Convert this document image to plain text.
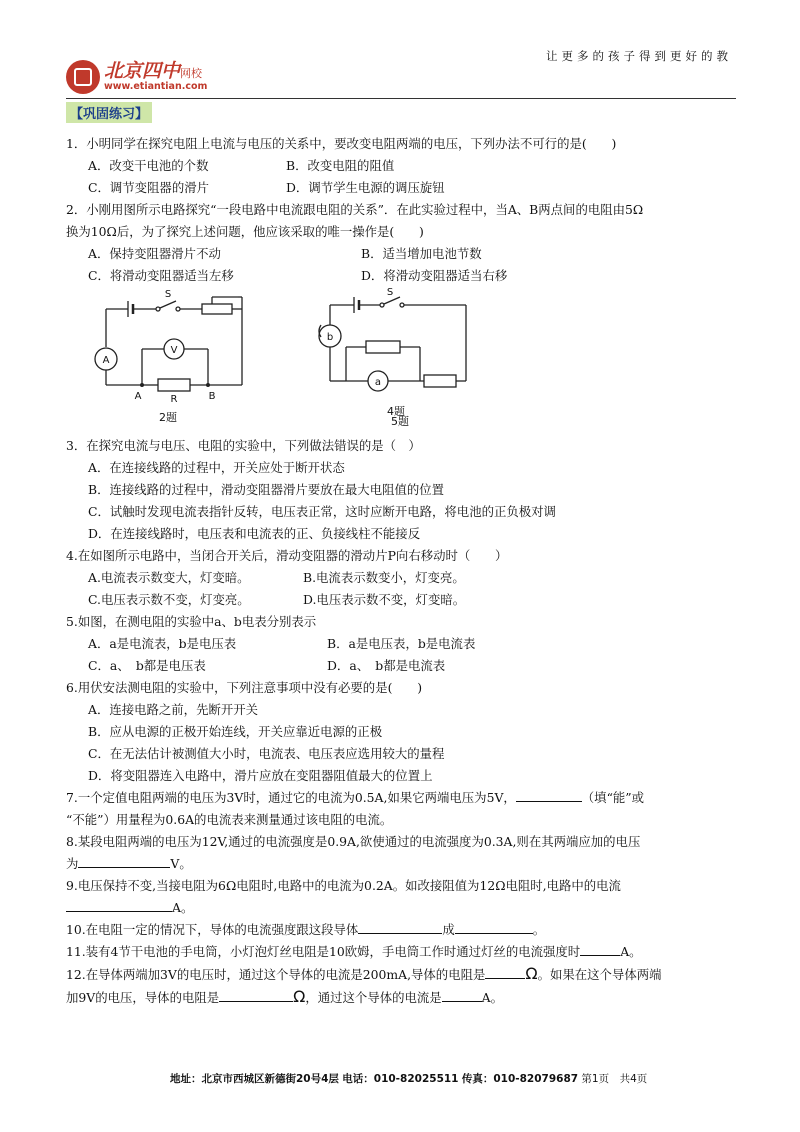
北京四中网校
www.etiantian.com
让更多的孩子得到更好的教
【巩固练习】
1．小明同学在探究电阻上电流与电压的关系中，要改变电阻两端的电压，下列办法不可行的是(　　)
A．改变干电池的个数	B．改变电阻的阻值
C．调节变阻器的滑片	D．调节学生电源的调压旋钮
2．小刚用图所示电路探究“一段电路中电流跟电阻的关系”．在此实验过程中，当A、B两点间的电阻由5Ω
换为10Ω后，为了探究上述问题，他应该采取的唯一操作是(　　)
A．保持变阻器滑片不动	B．适当增加电池节数
C．将滑动变阻器适当左移	D．将滑动变阻器适当右移
S
A
V
R
A	B
2题
S
b
a
4题
5题
3．在探究电流与电压、电阻的实验中，下列做法错误的是（　）
A．在连接线路的过程中，开关应处于断开状态
B．连接线路的过程中，滑动变阻器滑片要放在最大电阻值的位置
C．试触时发现电流表指针反转，电压表正常，这时应断开电路，将电池的正负极对调
D．在连接线路时，电压表和电流表的正、负接线柱不能接反
4.在如图所示电路中，当闭合开关后，滑动变阻器的滑动片P向右移动时（　　）
A.电流表示数变大，灯变暗。	B.电流表示数变小，灯变亮。
C.电压表示数不变，灯变亮。	D.电压表示数不变，灯变暗。
5.如图，在测电阻的实验中a、b电表分别表示
A．a是电流表，b是电压表	B．a是电压表，b是电流表
C．a、　b都是电压表	D．a、　b都是电流表
6.用伏安法测电阻的实验中，下列注意事项中没有必要的是(　　)
A．连接电路之前，先断开开关
B．应从电源的正极开始连线，开关应靠近电源的正极
C．在无法估计被测值大小时，电流表、电压表应选用较大的量程
D．将变阻器连入电路中，滑片应放在变阻器阻值最大的位置上
7.一个定值电阻两端的电压为3V时，通过它的电流为0.5A,如果它两端电压为5V，	（填“能”或
“不能”）用量程为0.6A的电流表来测量通过该电阻的电流。
8.某段电阻两端的电压为12V,通过的电流强度是0.9A,欲使通过的电流强度为0.3A,则在其两端应加的电压
为	V。
9.电压保持不变,当接电阻为6Ω电阻时,电路中的电流为0.2A。如改接阻值为12Ω电阻时,电路中的电流
A。
10.在电阻一定的情况下，导体的电流强度跟这段导体	成	。
11.装有4节干电池的手电筒，小灯泡灯丝电阻是10欧姆，手电筒工作时通过灯丝的电流强度时	A。
12.在导体两端加3V的电压时，通过这个导体的电流是200mA,导体的电阻是	Ω。如果在这个导体两端
加9V的电压，导体的电阻是	Ω，通过这个导体的电流是	A。
地址：北京市西城区新德街20号4层 电话：010-82025511 传真：010-82079687 第1页　共4页
